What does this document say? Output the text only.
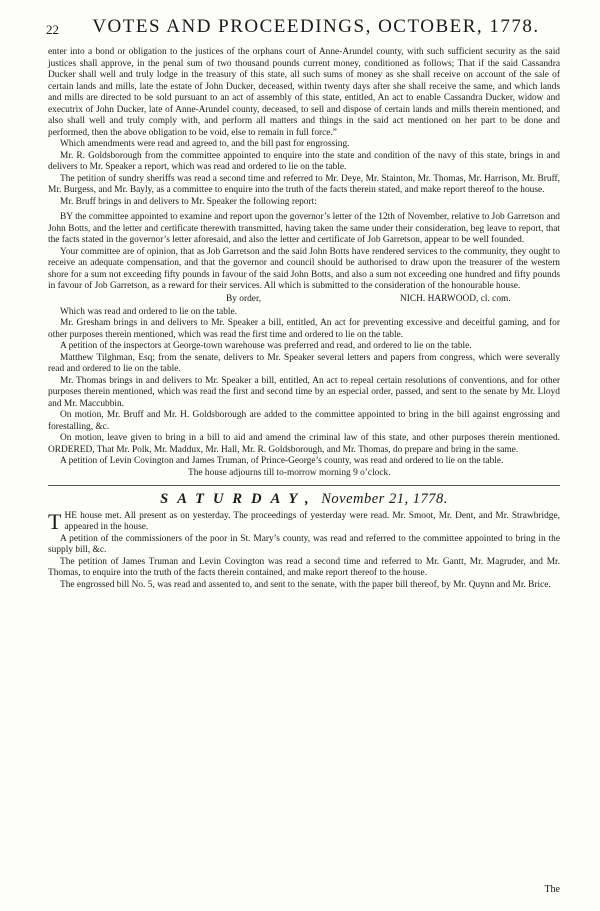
22	VOTES AND PROCEEDINGS, OCTOBER, 1778.

enter into a bond or obligation to the justices of the orphans court of Anne-Arundel county, with such sufficient security as the said justices shall approve, in the penal sum of two thousand pounds current money, conditioned as follows; That if the said Cassandra Ducker shall well and truly lodge in the treasury of this state, all such sums of money as she shall receive on account of the sale of certain lands and mills, late the estate of John Ducker, deceased, within twenty days after she shall receive the same, and which lands and mills are directed to be sold pursuant to an act of assembly of this state, entitled, An act to enable Cassandra Ducker, widow and executrix of John Ducker, late of Anne-Arundel county, deceased, to sell and dispose of certain lands and mills therein mentioned, and also shall well and truly comply with, and perform all matters and things in the said act mentioned on her part to be done and performed, then the above obligation to be void, else to remain in full force.”

Which amendments were read and agreed to, and the bill past for engrossing.

Mr. R. Goldsborough from the committee appointed to enquire into the state and condition of the navy of this state, brings in and delivers to Mr. Speaker a report, which was read and ordered to lie on the table.

The petition of sundry sheriffs was read a second time and referred to Mr. Deye, Mr. Stainton, Mr. Thomas, Mr. Harrison, Mr. Bruff, Mr. Burgess, and Mr. Bayly, as a committee to enquire into the truth of the facts therein stated, and make report thereof to the house.

Mr. Bruff brings in and delivers to Mr. Speaker the following report:

BY the committee appointed to examine and report upon the governor’s letter of the 12th of November, relative to Job Garretson and John Botts, and the letter and certificate therewith transmitted, having taken the same under their consideration, beg leave to report, that the facts stated in the governor’s letter aforesaid, and also the letter and certificate of Job Garretson, appear to be well founded.

Your committee are of opinion, that as Job Garretson and the said John Botts have rendered services to the community, they ought to receive an adequate compensation, and that the governor and council should be authorised to draw upon the treasurer of the western shore for a sum not exceeding fifty pounds in favour of the said John Botts, and also a sum not exceeding one hundred and fifty pounds in favour of Job Garretson, as a reward for their services. All which is submitted to the consideration of the honourable house.

By order,	NICH. HARWOOD, cl. com.

Which was read and ordered to lie on the table.

Mr. Gresham brings in and delivers to Mr. Speaker a bill, entitled, An act for preventing excessive and deceitful gaming, and for other purposes therein mentioned, which was read the first time and ordered to lie on the table.

A petition of the inspectors at George-town warehouse was preferred and read, and ordered to lie on the table.

Matthew Tilghman, Esq; from the senate, delivers to Mr. Speaker several letters and papers from congress, which were severally read and ordered to lie on the table.

Mr. Thomas brings in and delivers to Mr. Speaker a bill, entitled, An act to repeal certain resolutions of conventions, and for other purposes therein mentioned, which was read the first and second time by an especial order, passed, and sent to the senate by Mr. Lloyd and Mr. Maccubbin.

On motion, Mr. Bruff and Mr. H. Goldsborough are added to the committee appointed to bring in the bill against engrossing and forestalling, &c.

On motion, leave given to bring in a bill to aid and amend the criminal law of this state, and other purposes therein mentioned. ORDERED, That Mr. Polk, Mr. Maddux, Mr. Hall, Mr. R. Goldsborough, and Mr. Thomas, do prepare and bring in the same.

A petition of Levin Covington and James Truman, of Prince-George’s county, was read and ordered to lie on the table.

The house adjourns till to-morrow morning 9 o’clock.

SATURDAY, November 21, 1778.

T HE house met. All present as on yesterday. The proceedings of yesterday were read. Mr. Smoot, Mr. Dent, and Mr. Strawbridge, appeared in the house.

A petition of the commissioners of the poor in St. Mary’s county, was read and referred to the committee appointed to bring in the supply bill, &c.

The petition of James Truman and Levin Covington was read a second time and referred to Mr. Gantt, Mr. Magruder, and Mr. Thomas, to enquire into the truth of the facts therein contained, and make report thereof to the house.

The engrossed bill No. 5, was read and assented to, and sent to the senate, with the paper bill thereof, by Mr. Quynn and Mr. Brice.

The
